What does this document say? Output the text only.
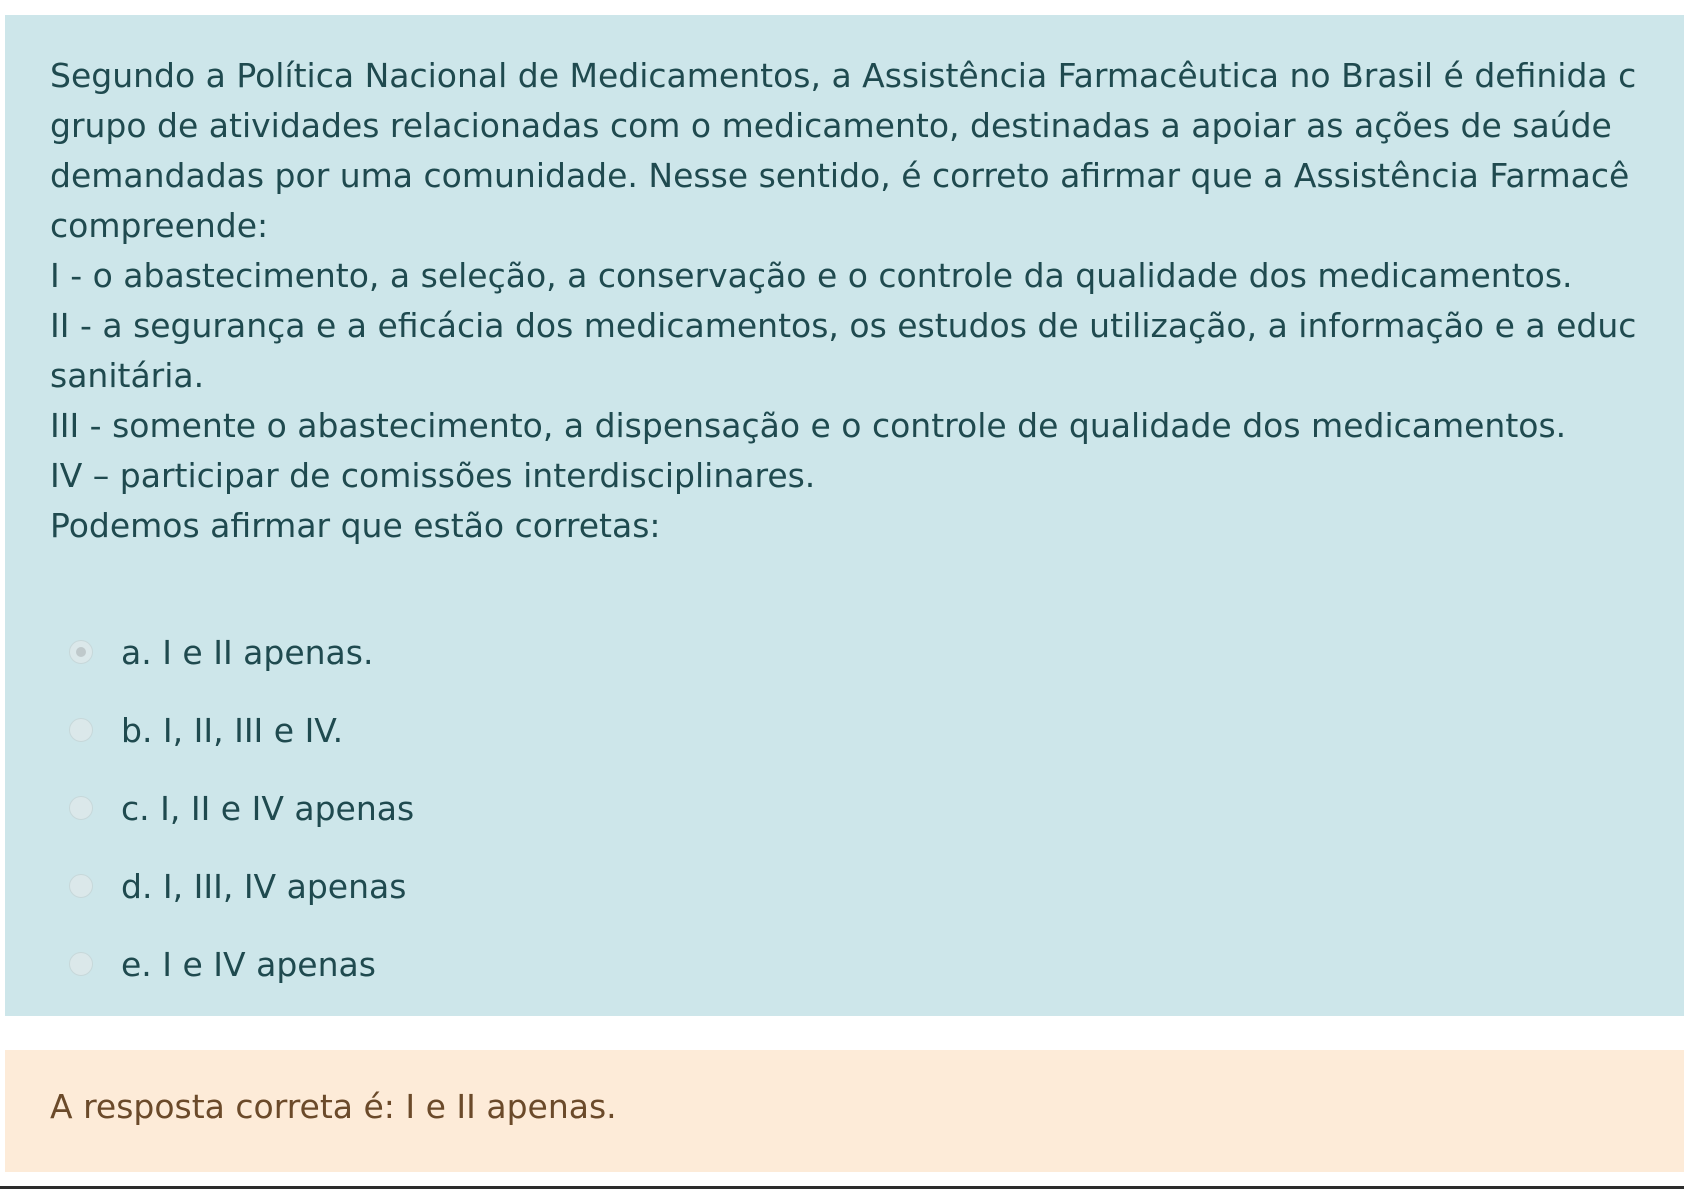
Segundo a Política Nacional de Medicamentos, a Assistência Farmacêutica no Brasil é definida c
grupo de atividades relacionadas com o medicamento, destinadas a apoiar as ações de saúde
demandadas por uma comunidade. Nesse sentido, é correto afirmar que a Assistência Farmacê
compreende:
I - o abastecimento, a seleção, a conservação e o controle da qualidade dos medicamentos.
II - a segurança e a eficácia dos medicamentos, os estudos de utilização, a informação e a educ
sanitária.
III - somente o abastecimento, a dispensação e o controle de qualidade dos medicamentos.
IV – participar de comissões interdisciplinares.
Podemos afirmar que estão corretas:
a. I e II apenas.
b. I, II, III e IV.
c. I, II e IV apenas
d. I, III, IV apenas
e. I e IV apenas
A resposta correta é: I e II apenas.
